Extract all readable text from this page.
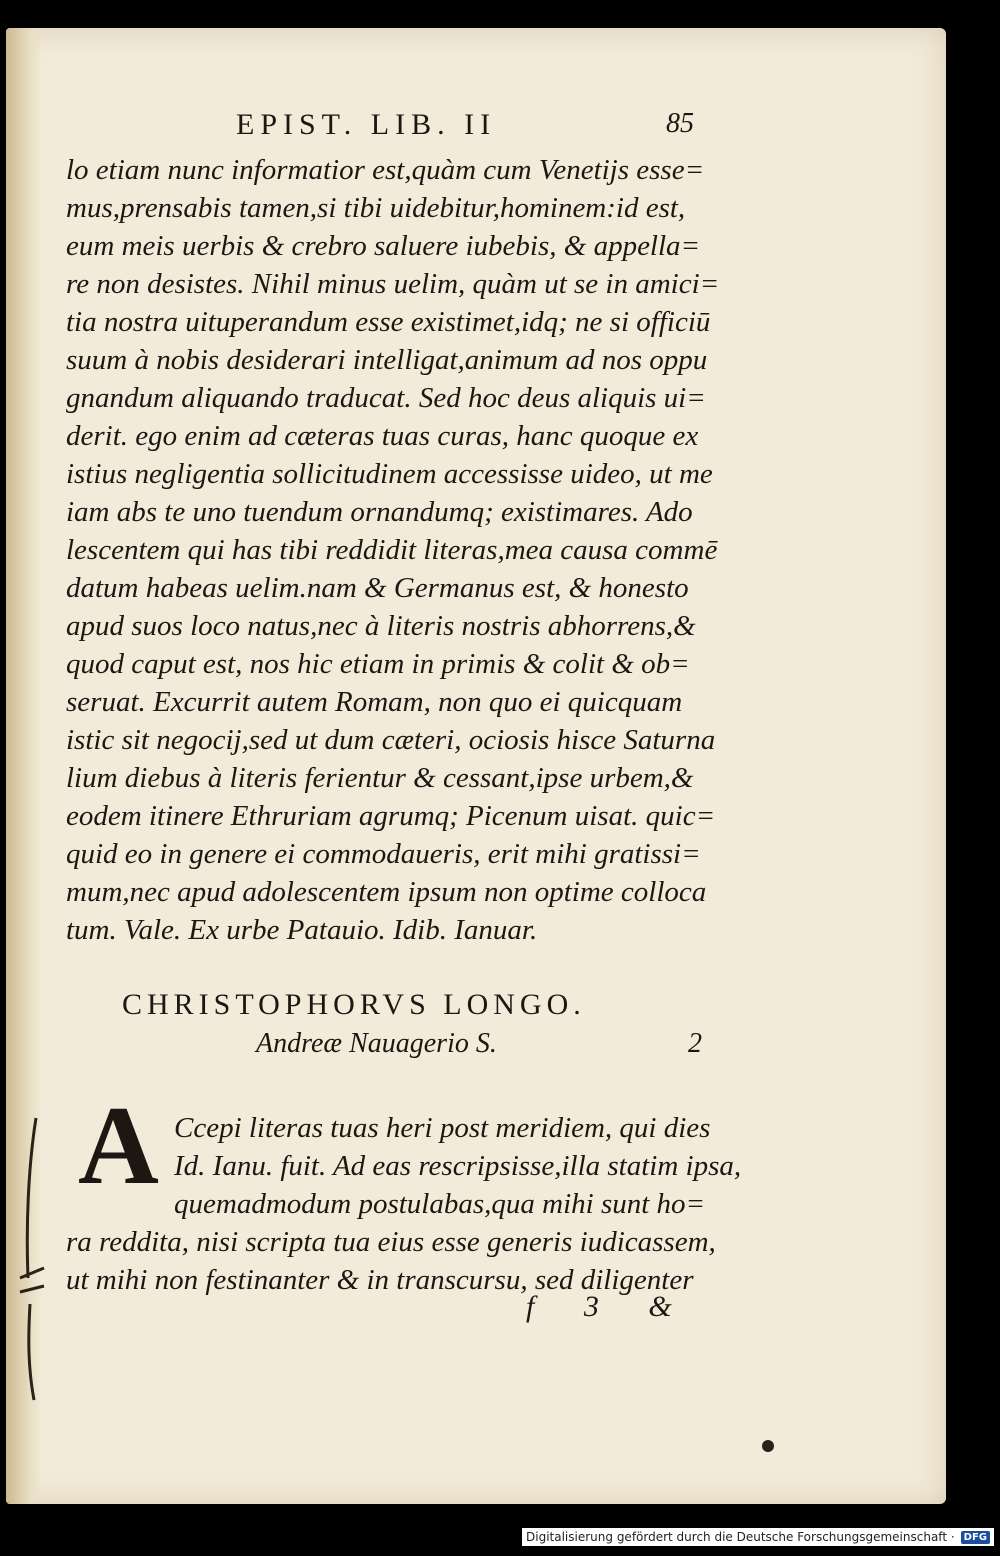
EPIST. LIB. II	85
lo etiam nunc informatior est,quàm cum Venetijs esse=
mus,prensabis tamen,si tibi uidebitur,hominem:id est,
eum meis uerbis & crebro saluere iubebis, & appella=
re non desistes. Nihil minus uelim, quàm ut se in amici=
tia nostra uituperandum esse existimet,idq; ne si officiū
suum à nobis desiderari intelligat,animum ad nos oppu
gnandum aliquando traducat. Sed hoc deus aliquis ui=
derit. ego enim ad cæteras tuas curas, hanc quoque ex
istius negligentia sollicitudinem accessisse uideo, ut me
iam abs te uno tuendum ornandumq; existimares. Ado
lescentem qui has tibi reddidit literas,mea causa commē
datum habeas uelim.nam & Germanus est, & honesto
apud suos loco natus,nec à literis nostris abhorrens,&
quod caput est, nos hic etiam in primis & colit & ob=
seruat. Excurrit autem Romam, non quo ei quicquam
istic sit negocij,sed ut dum cæteri, ociosis hisce Saturna
lium diebus à literis ferientur & cessant,ipse urbem,&
eodem itinere Ethruriam agrumq; Picenum uisat. quic=
quid eo in genere ei commodaueris, erit mihi gratissi=
mum,nec apud adolescentem ipsum non optime colloca
tum. Vale. Ex urbe Patauio. Idib. Ianuar.
CHRISTOPHORVS LONGO.
Andreæ Nauagerio S.	2
A Ccepi literas tuas heri post meridiem, qui dies
Id. Ianu. fuit. Ad eas rescripsisse,illa statim ipsa,
quemadmodum postulabas,qua mihi sunt ho=
ra reddita, nisi scripta tua eius esse generis iudicassem,
ut mihi non festinanter & in transcursu, sed diligenter
f 3 &
Digitalisierung gefördert durch die Deutsche Forschungsgemeinschaft · DFG
